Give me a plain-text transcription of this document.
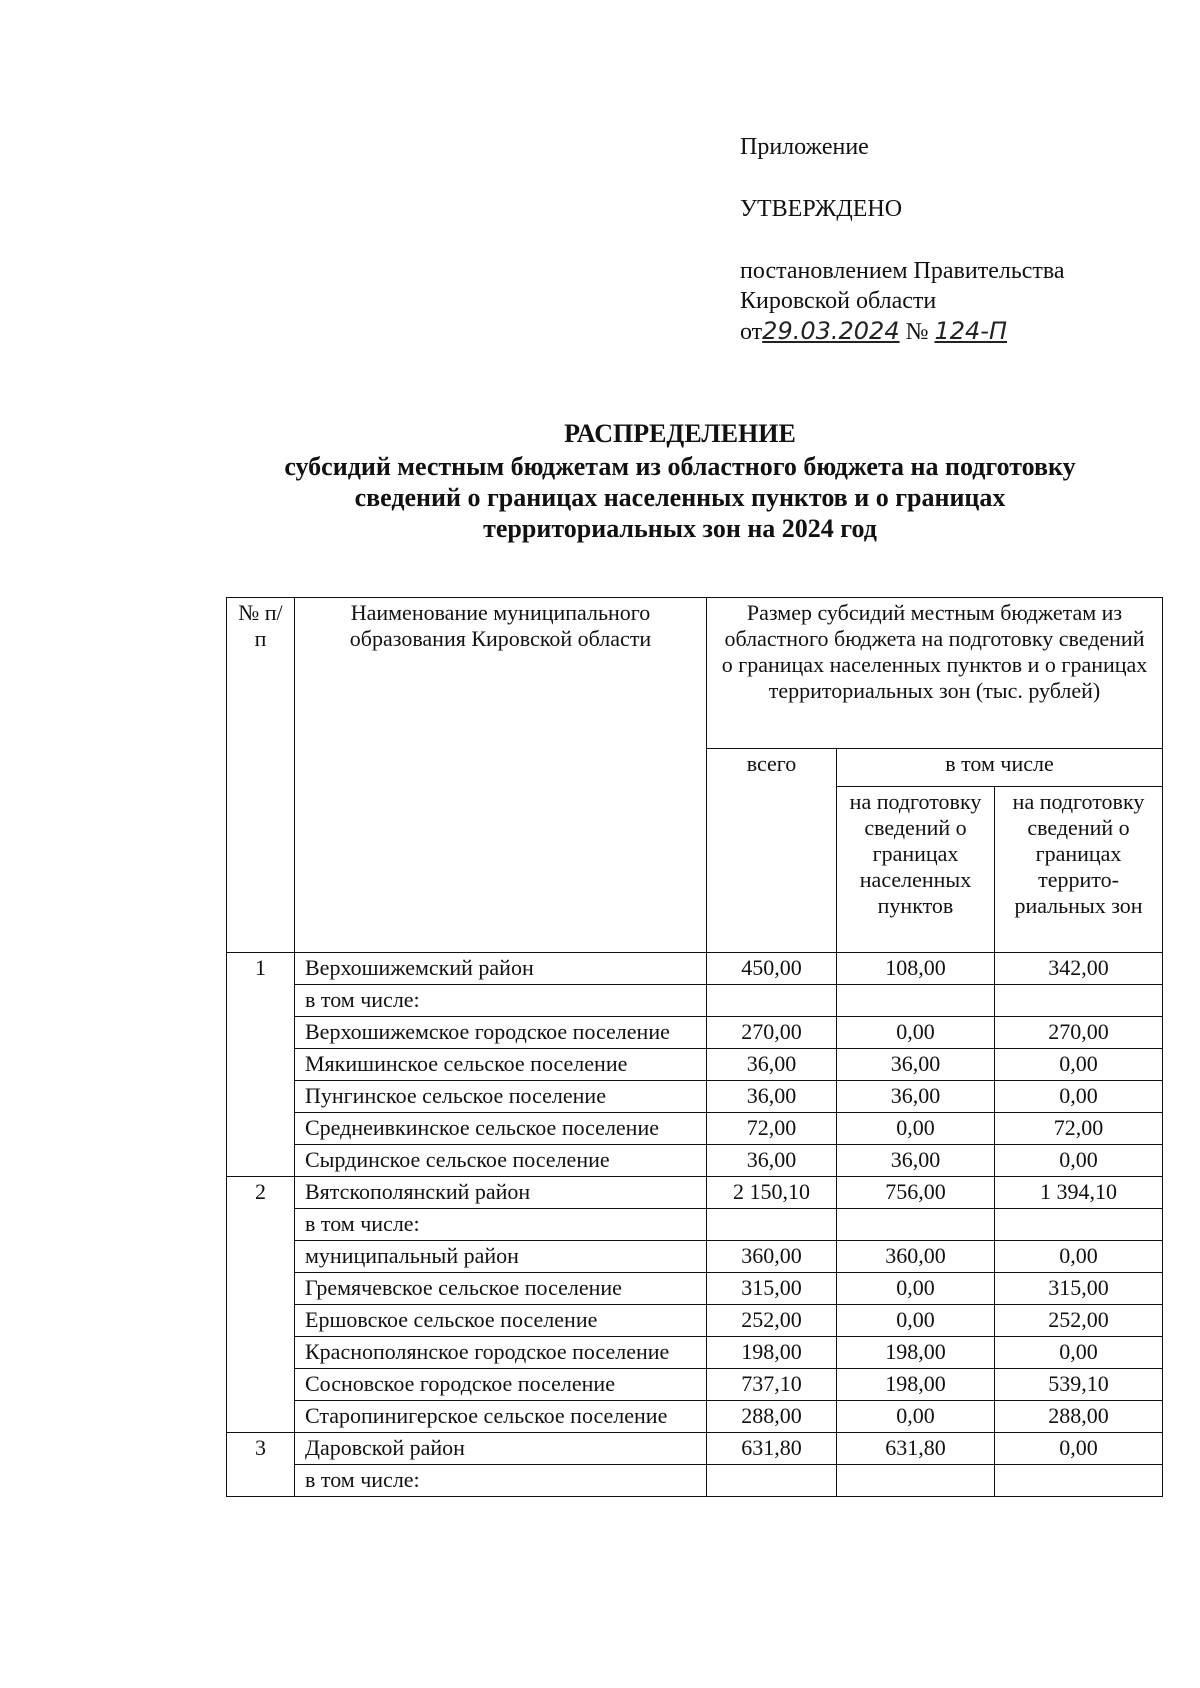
Приложение
УТВЕРЖДЕНО
постановлением Правительства
Кировской области
от29.03.2024 № 124-П
РАСПРЕДЕЛЕНИЕ
субсидий местным бюджетам из областного бюджета на подготовку
сведений о границах населенных пунктов и о границах
территориальных зон на 2024 год
№ п/п	Наименование муниципального образования Кировской области	Размер субсидий местным бюджетам из областного бюджета на подготовку сведений о границах населенных пунктов и о границах территориальных зон (тыс. рублей)		
		всего	в том числе	
			на подготовку сведений о границах населенных пунктов	на подготовку сведений о границах террито-риальных зон
1	Верхошижемский район	450,00	108,00	342,00
	в том числе:			
	Верхошижемское городское поселение	270,00	0,00	270,00
	Мякишинское сельское поселение	36,00	36,00	0,00
	Пунгинское сельское поселение	36,00	36,00	0,00
	Среднеивкинское сельское поселение	72,00	0,00	72,00
	Сырдинское сельское поселение	36,00	36,00	0,00
2	Вятскополянский район	2 150,10	756,00	1 394,10
	в том числе:			
	муниципальный район	360,00	360,00	0,00
	Гремячевское сельское поселение	315,00	0,00	315,00
	Ершовское сельское поселение	252,00	0,00	252,00
	Краснополянское городское поселение	198,00	198,00	0,00
	Сосновское городское поселение	737,10	198,00	539,10
	Старопинигерское сельское поселение	288,00	0,00	288,00
3	Даровской район	631,80	631,80	0,00
	в том числе:			
